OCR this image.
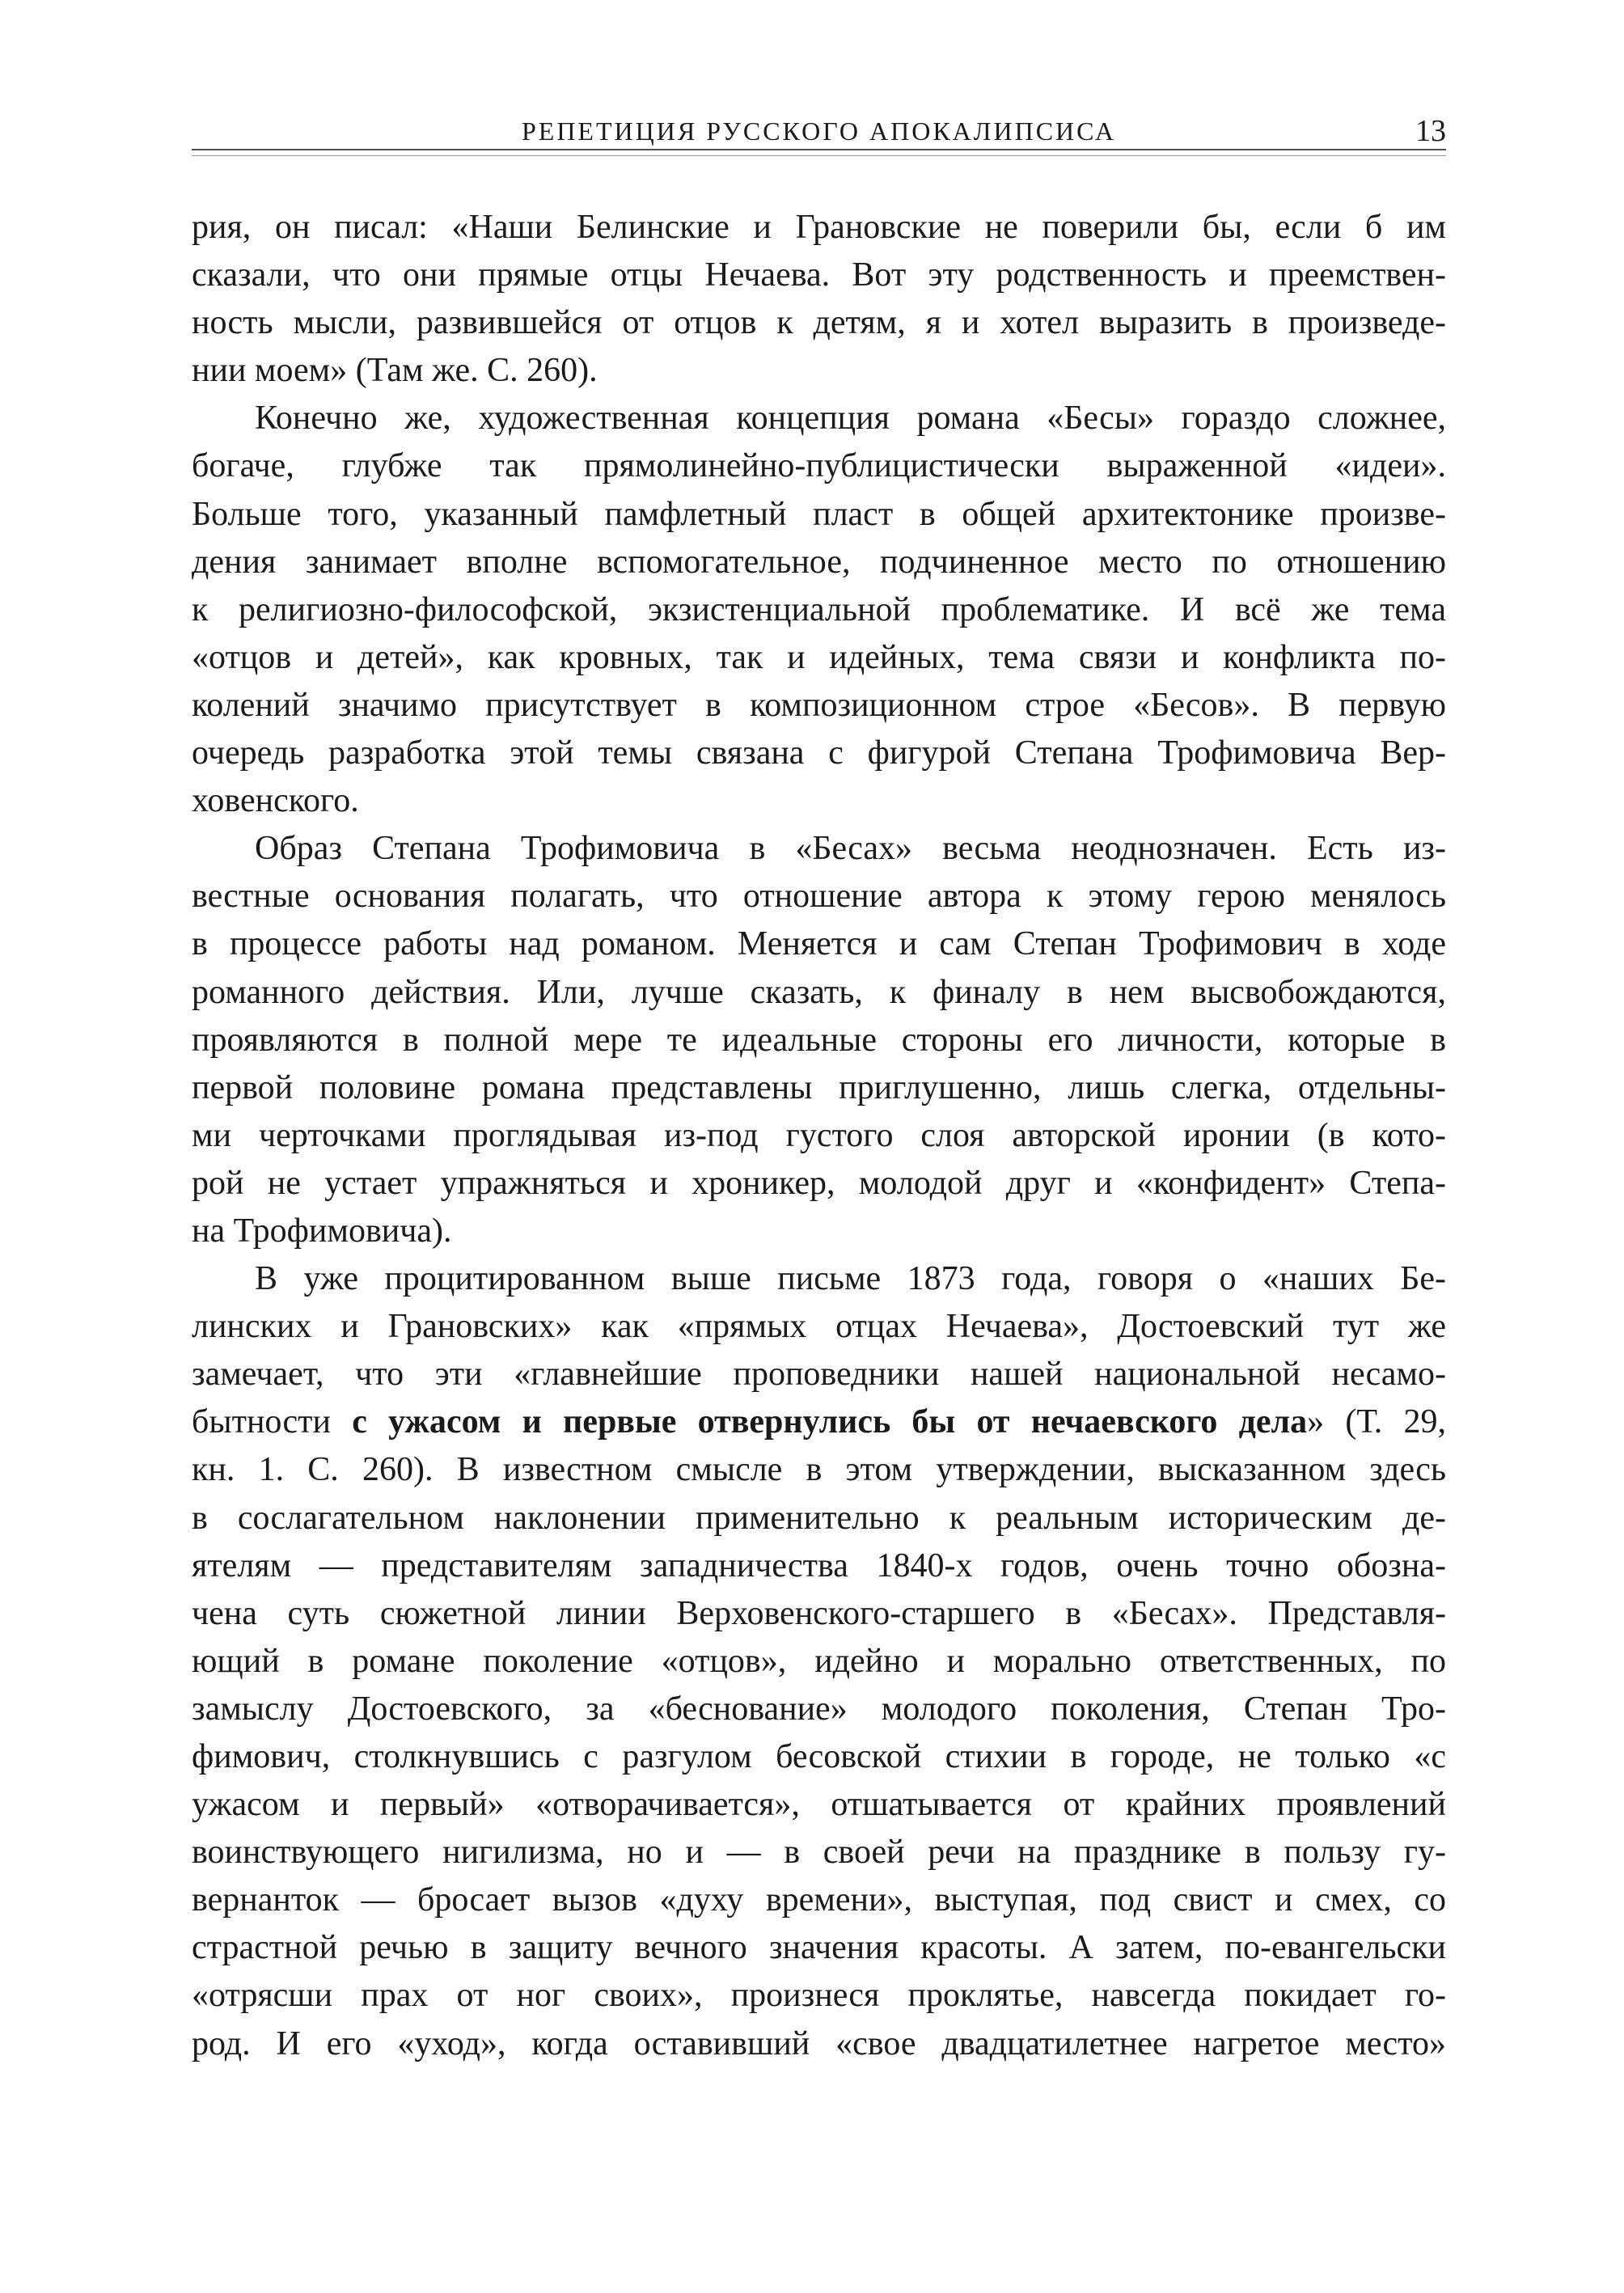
РЕПЕТИЦИЯ РУССКОГО АПОКАЛИПСИСА	13
рия, он писал: «Наши Белинские и Грановские не поверили бы, если б им
сказали, что они прямые отцы Нечаева. Вот эту родственность и преемствен-
ность мысли, развившейся от отцов к детям, я и хотел выразить в произведе-
нии моем» (Там же. С. 260).
Конечно же, художественная концепция романа «Бесы» гораздо сложнее,
богаче, глубже так прямолинейно-публицистически выраженной «идеи».
Больше того, указанный памфлетный пласт в общей архитектонике произве-
дения занимает вполне вспомогательное, подчиненное место по отношению
к религиозно-философской, экзистенциальной проблематике. И всё же тема
«отцов и детей», как кровных, так и идейных, тема связи и конфликта по-
колений значимо присутствует в композиционном строе «Бесов». В первую
очередь разработка этой темы связана с фигурой Степана Трофимовича Вер-
ховенского.
Образ Степана Трофимовича в «Бесах» весьма неоднозначен. Есть из-
вестные основания полагать, что отношение автора к этому герою менялось
в процессе работы над романом. Меняется и сам Степан Трофимович в ходе
романного действия. Или, лучше сказать, к финалу в нем высвобождаются,
проявляются в полной мере те идеальные стороны его личности, которые в
первой половине романа представлены приглушенно, лишь слегка, отдельны-
ми черточками проглядывая из-под густого слоя авторской иронии (в кото-
рой не устает упражняться и хроникер, молодой друг и «конфидент» Степа-
на Трофимовича).
В уже процитированном выше письме 1873 года, говоря о «наших Бе-
линских и Грановских» как «прямых отцах Нечаева», Достоевский тут же
замечает, что эти «главнейшие проповедники нашей национальной несамо-
бытности с ужасом и первые отвернулись бы от нечаевского дела» (Т. 29,
кн. 1. С. 260). В известном смысле в этом утверждении, высказанном здесь
в сослагательном наклонении применительно к реальным историческим де-
ятелям — представителям западничества 1840-х годов, очень точно обозна-
чена суть сюжетной линии Верховенского-старшего в «Бесах». Представля-
ющий в романе поколение «отцов», идейно и морально ответственных, по
замыслу Достоевского, за «беснование» молодого поколения, Степан Тро-
фимович, столкнувшись с разгулом бесовской стихии в городе, не только «с
ужасом и первый» «отворачивается», отшатывается от крайних проявлений
воинствующего нигилизма, но и — в своей речи на празднике в пользу гу-
вернанток — бросает вызов «духу времени», выступая, под свист и смех, со
страстной речью в защиту вечного значения красоты. А затем, по-евангельски
«отрясши прах от ног своих», произнеся проклятье, навсегда покидает го-
род. И его «уход», когда оставивший «свое двадцатилетнее нагретое место»
